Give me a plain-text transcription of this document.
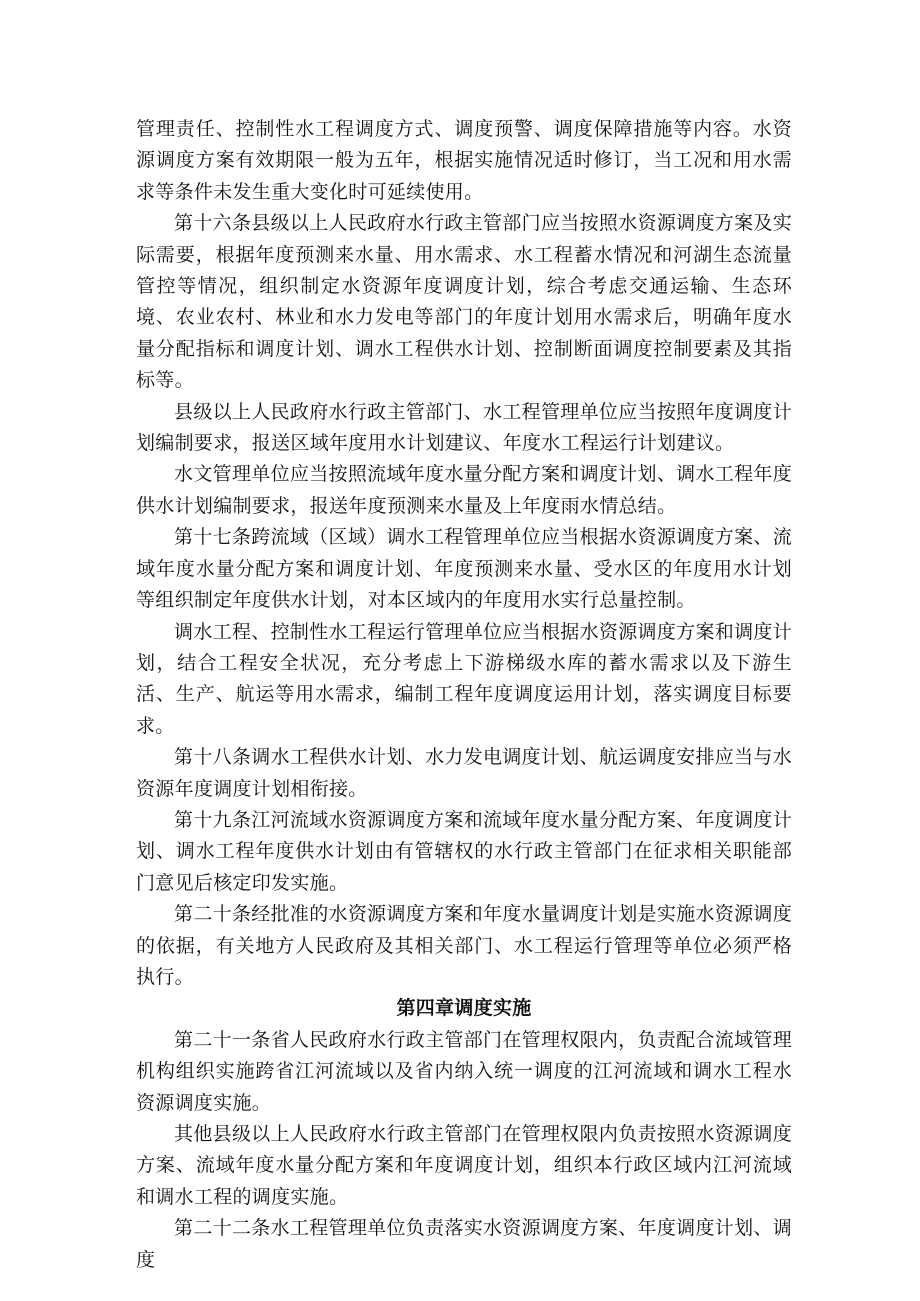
管理责任、控制性水工程调度方式、调度预警、调度保障措施等内容。水资源调度方案有效期限一般为五年，根据实施情况适时修订，当工况和用水需求等条件未发生重大变化时可延续使用。

第十六条县级以上人民政府水行政主管部门应当按照水资源调度方案及实际需要，根据年度预测来水量、用水需求、水工程蓄水情况和河湖生态流量管控等情况，组织制定水资源年度调度计划，综合考虑交通运输、生态环境、农业农村、林业和水力发电等部门的年度计划用水需求后，明确年度水量分配指标和调度计划、调水工程供水计划、控制断面调度控制要素及其指标等。

县级以上人民政府水行政主管部门、水工程管理单位应当按照年度调度计划编制要求，报送区域年度用水计划建议、年度水工程运行计划建议。

水文管理单位应当按照流域年度水量分配方案和调度计划、调水工程年度供水计划编制要求，报送年度预测来水量及上年度雨水情总结。

第十七条跨流域（区域）调水工程管理单位应当根据水资源调度方案、流域年度水量分配方案和调度计划、年度预测来水量、受水区的年度用水计划等组织制定年度供水计划，对本区域内的年度用水实行总量控制。

调水工程、控制性水工程运行管理单位应当根据水资源调度方案和调度计划，结合工程安全状况，充分考虑上下游梯级水库的蓄水需求以及下游生活、生产、航运等用水需求，编制工程年度调度运用计划，落实调度目标要求。

第十八条调水工程供水计划、水力发电调度计划、航运调度安排应当与水资源年度调度计划相衔接。

第十九条江河流域水资源调度方案和流域年度水量分配方案、年度调度计划、调水工程年度供水计划由有管辖权的水行政主管部门在征求相关职能部门意见后核定印发实施。

第二十条经批准的水资源调度方案和年度水量调度计划是实施水资源调度的依据，有关地方人民政府及其相关部门、水工程运行管理等单位必须严格执行。

第四章调度实施

第二十一条省人民政府水行政主管部门在管理权限内，负责配合流域管理机构组织实施跨省江河流域以及省内纳入统一调度的江河流域和调水工程水资源调度实施。

其他县级以上人民政府水行政主管部门在管理权限内负责按照水资源调度方案、流域年度水量分配方案和年度调度计划，组织本行政区域内江河流域和调水工程的调度实施。

第二十二条水工程管理单位负责落实水资源调度方案、年度调度计划、调度
